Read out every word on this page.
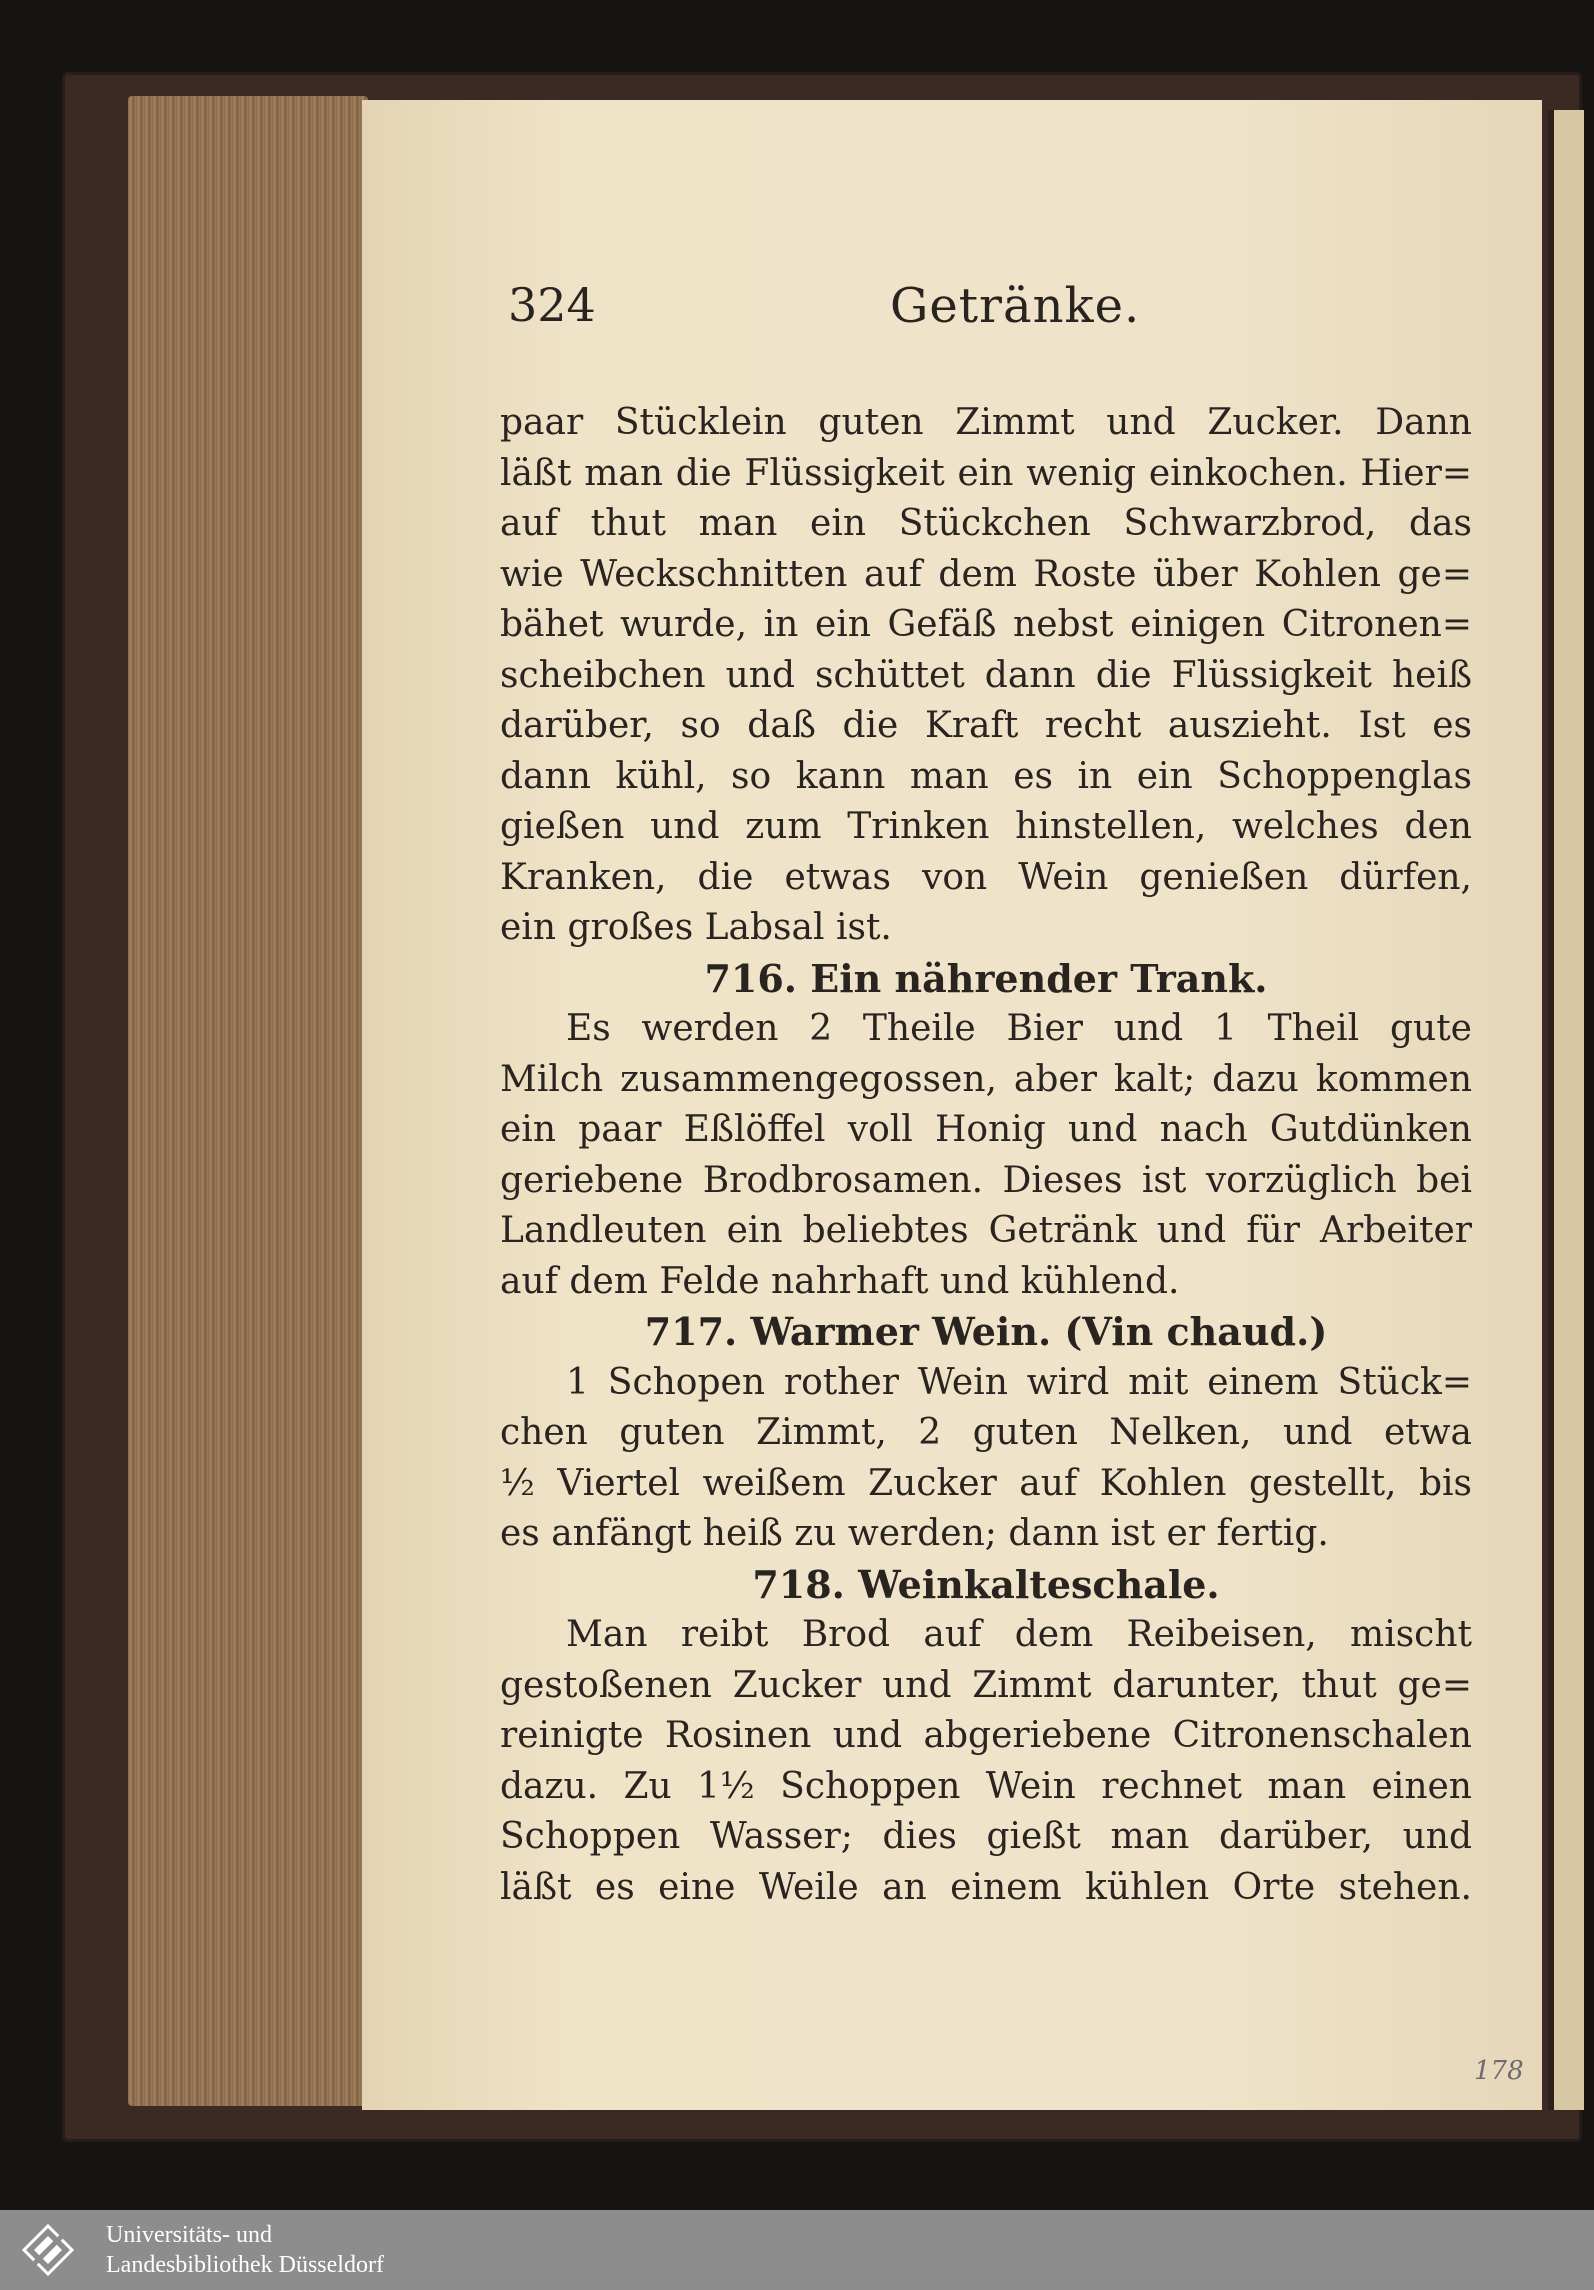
324	Getränke.
paar Stücklein guten Zimmt und Zucker. Dann
läßt man die Flüssigkeit ein wenig einkochen. Hier=
auf thut man ein Stückchen Schwarzbrod, das
wie Weckschnitten auf dem Roste über Kohlen ge=
bähet wurde, in ein Gefäß nebst einigen Citronen=
scheibchen und schüttet dann die Flüssigkeit heiß
darüber, so daß die Kraft recht auszieht. Ist es
dann kühl, so kann man es in ein Schoppenglas
gießen und zum Trinken hinstellen, welches den
Kranken, die etwas von Wein genießen dürfen,
ein großes Labsal ist.
716. Ein nährender Trank.
Es werden 2 Theile Bier und 1 Theil gute
Milch zusammengegossen, aber kalt; dazu kommen
ein paar Eßlöffel voll Honig und nach Gutdünken
geriebene Brodbrosamen. Dieses ist vorzüglich bei
Landleuten ein beliebtes Getränk und für Arbeiter
auf dem Felde nahrhaft und kühlend.
717. Warmer Wein. (Vin chaud.)
1 Schopen rother Wein wird mit einem Stück=
chen guten Zimmt, 2 guten Nelken, und etwa
½ Viertel weißem Zucker auf Kohlen gestellt, bis
es anfängt heiß zu werden; dann ist er fertig.
718. Weinkalteschale.
Man reibt Brod auf dem Reibeisen, mischt
gestoßenen Zucker und Zimmt darunter, thut ge=
reinigte Rosinen und abgeriebene Citronenschalen
dazu. Zu 1½ Schoppen Wein rechnet man einen
Schoppen Wasser; dies gießt man darüber, und
läßt es eine Weile an einem kühlen Orte stehen.
178
Universitäts- und
Landesbibliothek Düsseldorf
